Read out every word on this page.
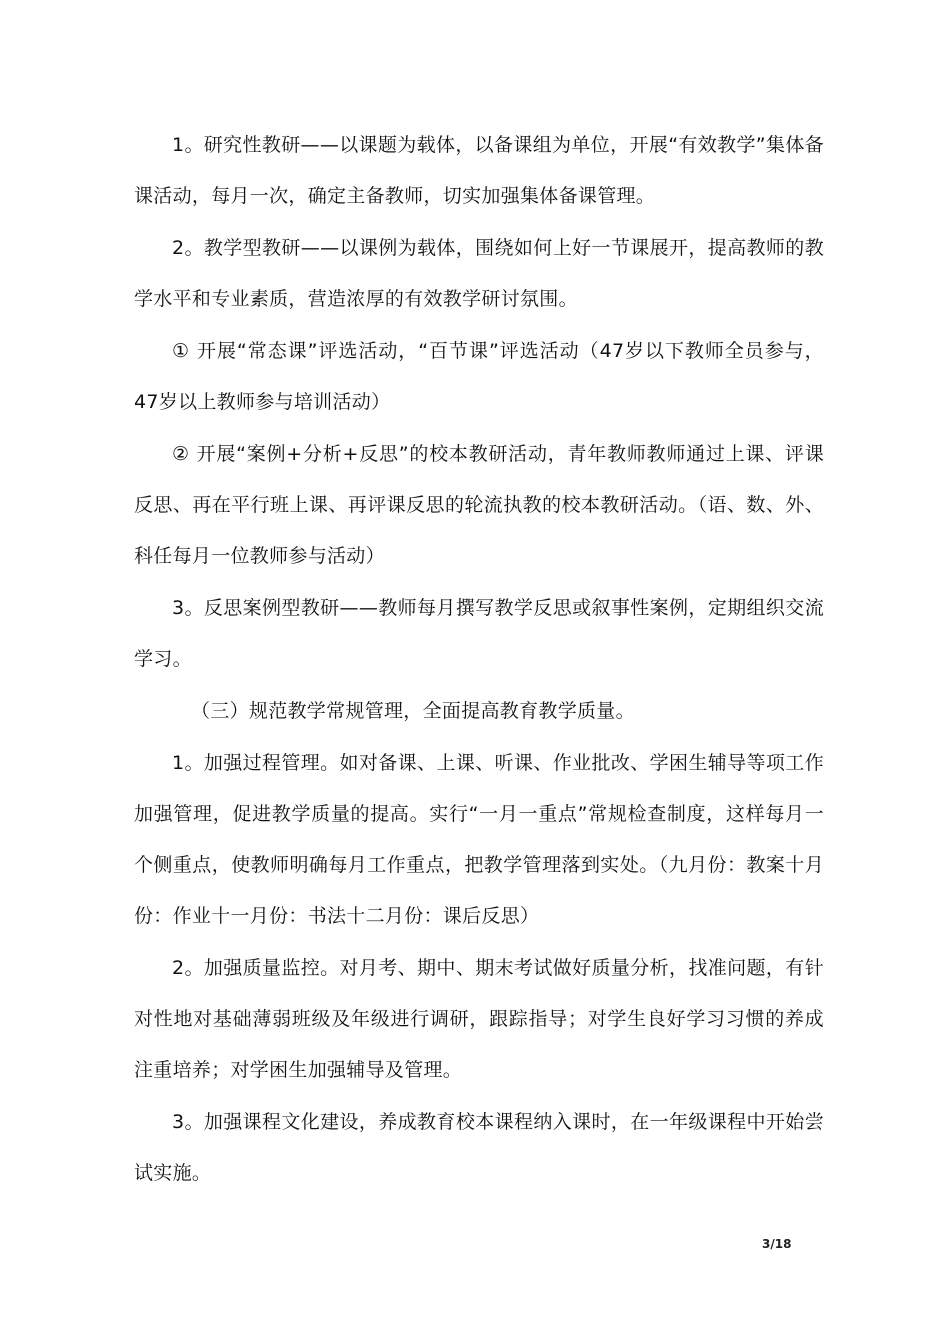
1。研究性教研——以课题为载体，以备课组为单位，开展“有效教学”集体备课活动，每月一次，确定主备教师，切实加强集体备课管理。

2。教学型教研——以课例为载体，围绕如何上好一节课展开，提高教师的教学水平和专业素质，营造浓厚的有效教学研讨氛围。

① 开展“常态课”评选活动，“百节课”评选活动（47岁以下教师全员参与，47岁以上教师参与培训活动）

② 开展“案例+分析+反思”的校本教研活动，青年教师教师通过上课、评课反思、再在平行班上课、再评课反思的轮流执教的校本教研活动。（语、数、外、科任每月一位教师参与活动）

3。反思案例型教研——教师每月撰写教学反思或叙事性案例，定期组织交流学习。

（三）规范教学常规管理，全面提高教育教学质量。

1。加强过程管理。如对备课、上课、听课、作业批改、学困生辅导等项工作加强管理，促进教学质量的提高。实行“一月一重点”常规检查制度，这样每月一个侧重点，使教师明确每月工作重点，把教学管理落到实处。（九月份：教案十月份：作业十一月份：书法十二月份：课后反思）

2。加强质量监控。对月考、期中、期末考试做好质量分析，找准问题，有针对性地对基础薄弱班级及年级进行调研，跟踪指导；对学生良好学习习惯的养成注重培养；对学困生加强辅导及管理。

3。加强课程文化建设，养成教育校本课程纳入课时，在一年级课程中开始尝试实施。

3/18
